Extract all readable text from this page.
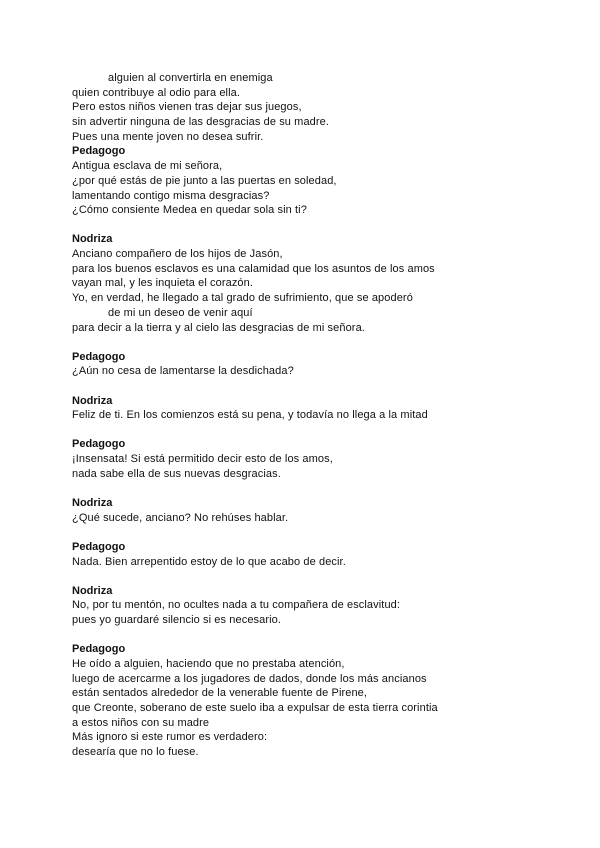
alguien al convertirla en enemiga
quien contribuye al odio para ella.
Pero estos niños vienen tras dejar sus juegos,
sin advertir ninguna de las desgracias de su madre.
Pues una mente joven no desea sufrir.
Pedagogo
Antigua esclava de mi señora,
¿por qué estás de pie junto a las puertas en soledad,
lamentando contigo misma desgracias?
¿Cómo consiente Medea en quedar sola sin ti?
Nodriza
Anciano compañero de los hijos de Jasón,
para los buenos esclavos es una calamidad que los asuntos de los amos
vayan mal, y les inquieta el corazón.
Yo, en verdad, he llegado a tal grado de sufrimiento, que se apoderó
de mi un deseo de venir aquí
para decir a la tierra y al cielo las desgracias de mi señora.
Pedagogo
¿Aún no cesa de lamentarse la desdichada?
Nodriza
Feliz de ti. En los comienzos está su pena, y todavía no llega a la mitad
Pedagogo
¡Insensata! Si está permitido decir esto de los amos,
nada sabe ella de sus nuevas desgracias.
Nodriza
¿Qué sucede, anciano? No rehúses hablar.
Pedagogo
Nada. Bien arrepentido estoy de lo que acabo de decir.
Nodriza
No, por tu mentón, no ocultes nada a tu compañera de esclavitud:
pues yo guardaré silencio si es necesario.
Pedagogo
He oído a alguien, haciendo que no prestaba atención,
luego de acercarme a los jugadores de dados, donde los más ancianos
están sentados alrededor de la venerable fuente de Pirene,
que Creonte, soberano de este suelo iba a expulsar de esta tierra corintia
a estos niños con su madre
Más ignoro si este rumor es verdadero:
desearía que no lo fuese.
